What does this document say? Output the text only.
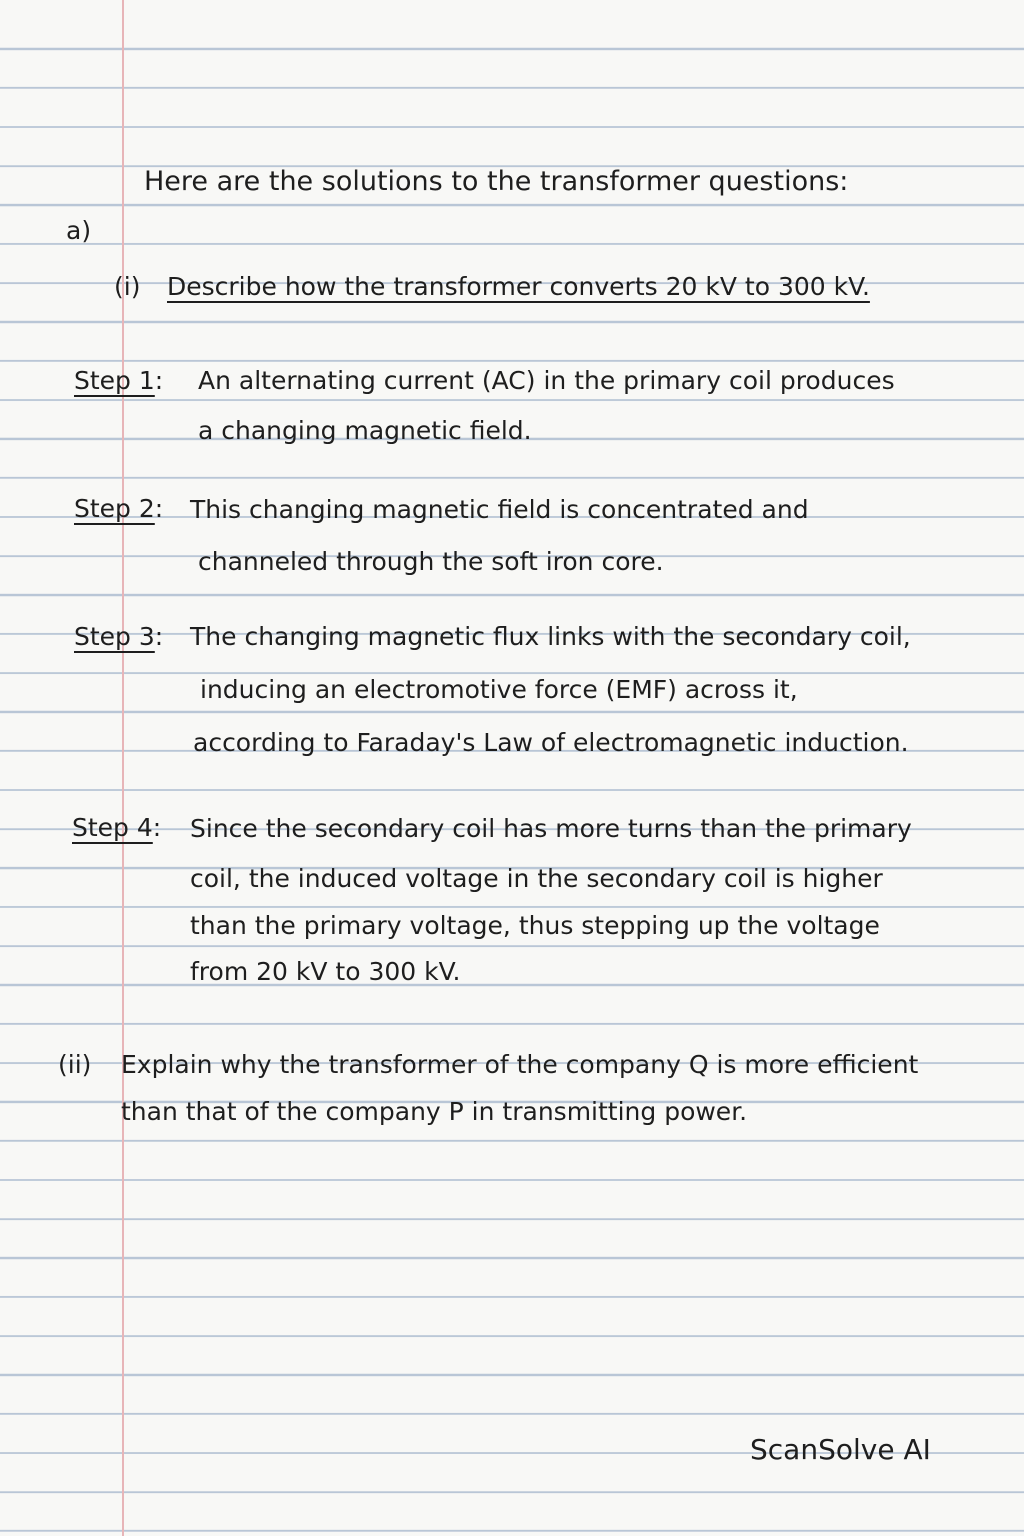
Here are the solutions to the transformer questions:
a)
(i) Describe how the transformer converts 20 kV to 300 kV.
Step 1: An alternating current (AC) in the primary coil produces
a changing magnetic field.
Step 2: This changing magnetic field is concentrated and
channeled through the soft iron core.
Step 3: The changing magnetic flux links with the secondary coil,
inducing an electromotive force (EMF) across it,
according to Faraday's Law of electromagnetic induction.
Step 4: Since the secondary coil has more turns than the primary
coil, the induced voltage in the secondary coil is higher
than the primary voltage, thus stepping up the voltage
from 20 kV to 300 kV.
(ii) Explain why the transformer of the company Q is more efficient
than that of the company P in transmitting power.
ScanSolve AI
